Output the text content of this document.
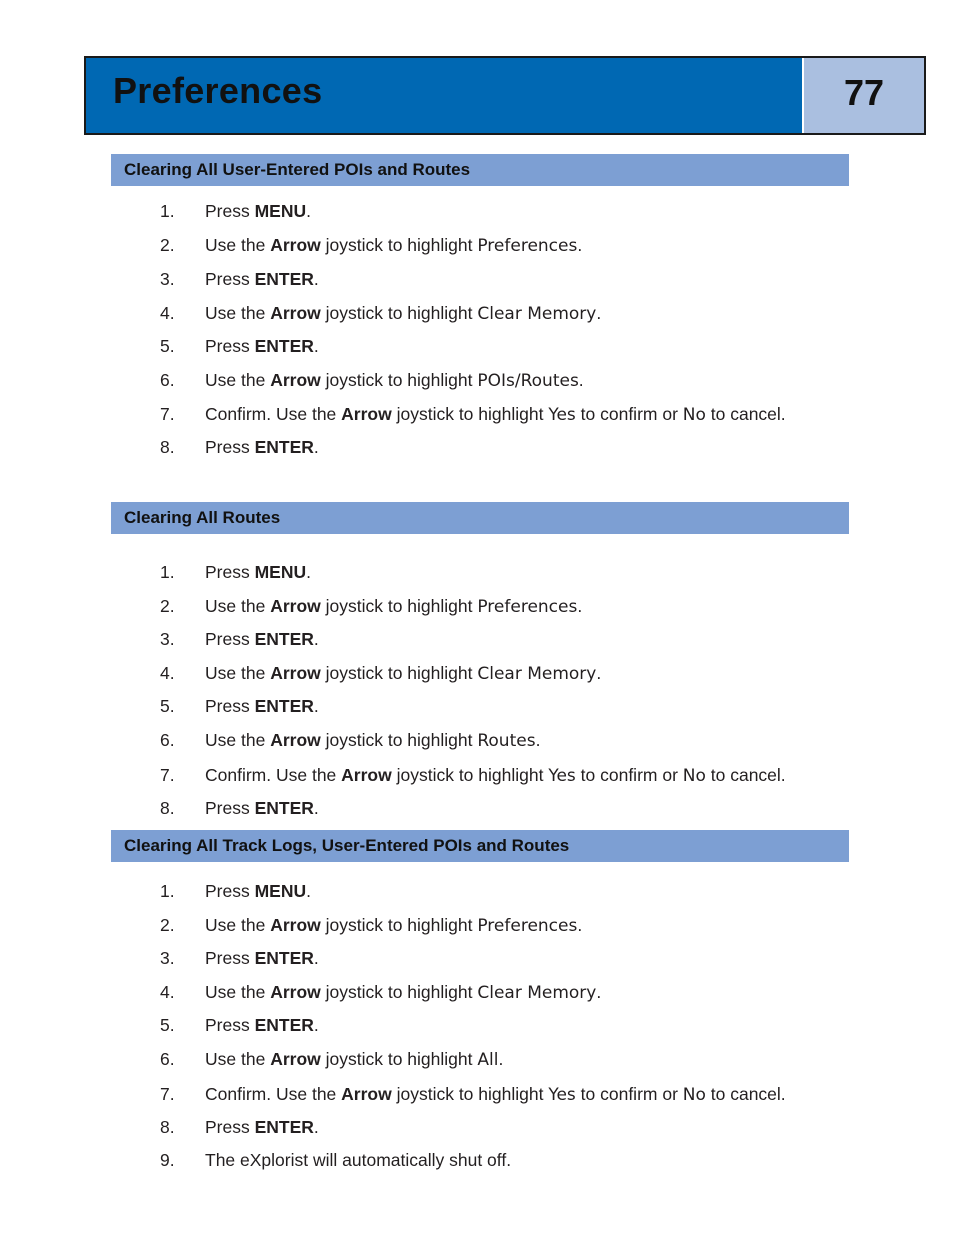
Preferences	77
Clearing All User-Entered POIs and Routes
1. Press MENU.
2. Use the Arrow joystick to highlight Preferences.
3. Press ENTER.
4. Use the Arrow joystick to highlight Clear Memory.
5. Press ENTER.
6. Use the Arrow joystick to highlight POIs/Routes.
7. Confirm. Use the Arrow joystick to highlight Yes to confirm or No to cancel.
8. Press ENTER.
Clearing All Routes
1. Press MENU.
2. Use the Arrow joystick to highlight Preferences.
3. Press ENTER.
4. Use the Arrow joystick to highlight Clear Memory.
5. Press ENTER.
6. Use the Arrow joystick to highlight Routes.
7. Confirm. Use the Arrow joystick to highlight Yes to confirm or No to cancel.
8. Press ENTER.
Clearing All Track Logs, User-Entered POIs and Routes
1. Press MENU.
2. Use the Arrow joystick to highlight Preferences.
3. Press ENTER.
4. Use the Arrow joystick to highlight Clear Memory.
5. Press ENTER.
6. Use the Arrow joystick to highlight All.
7. Confirm. Use the Arrow joystick to highlight Yes to confirm or No to cancel.
8. Press ENTER.
9. The eXplorist will automatically shut off.
